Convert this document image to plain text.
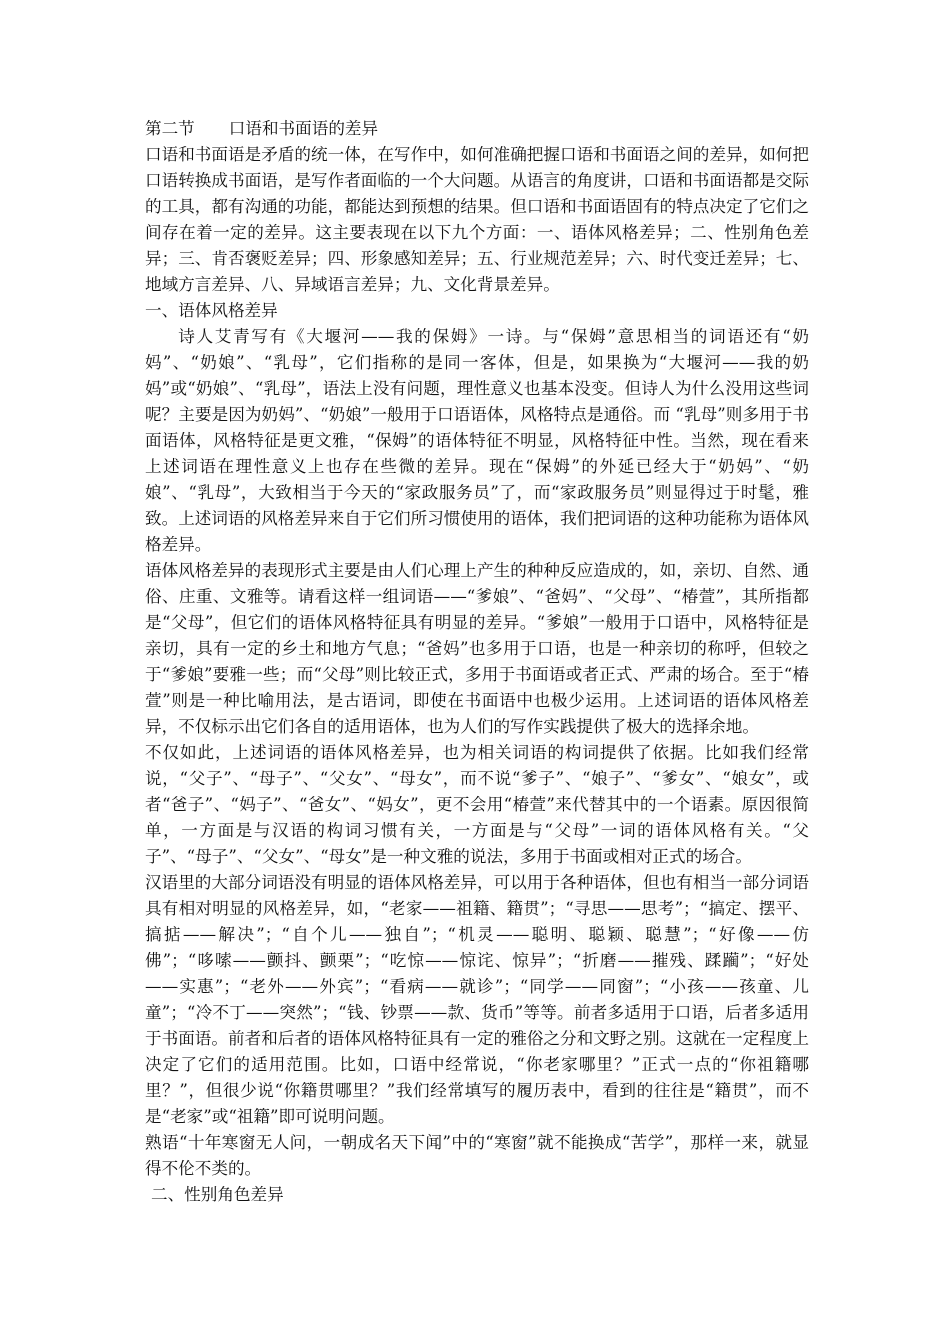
第二节 口语和书面语的差异

口语和书面语是矛盾的统一体，在写作中，如何准确把握口语和书面语之间的差异，如何把口语转换成书面语，是写作者面临的一个大问题。从语言的角度讲，口语和书面语都是交际的工具，都有沟通的功能，都能达到预想的结果。但口语和书面语固有的特点决定了它们之间存在着一定的差异。这主要表现在以下九个方面：一、语体风格差异；二、性别角色差异；三、肯否褒贬差异；四、形象感知差异；五、行业规范差异；六、时代变迁差异；七、地域方言差异、八、异域语言差异；九、文化背景差异。

一、语体风格差异

诗人艾青写有《大堰河——我的保姆》一诗。与“保姆”意思相当的词语还有“奶妈”、“奶娘”、“乳母”，它们指称的是同一客体，但是，如果换为“大堰河——我的奶妈”或“奶娘”、“乳母”，语法上没有问题，理性意义也基本没变。但诗人为什么没用这些词呢？主要是因为奶妈”、“奶娘”一般用于口语语体，风格特点是通俗。而 “乳母”则多用于书面语体，风格特征是更文雅，“保姆”的语体特征不明显，风格特征中性。当然，现在看来上述词语在理性意义上也存在些微的差异。现在“保姆”的外延已经大于“奶妈”、“奶娘”、“乳母”，大致相当于今天的“家政服务员”了，而“家政服务员”则显得过于时髦，雅致。上述词语的风格差异来自于它们所习惯使用的语体，我们把词语的这种功能称为语体风格差异。

语体风格差异的表现形式主要是由人们心理上产生的种种反应造成的，如，亲切、自然、通俗、庄重、文雅等。请看这样一组词语——“爹娘”、“爸妈”、“父母”、“椿萱”，其所指都是“父母”，但它们的语体风格特征具有明显的差异。“爹娘”一般用于口语中，风格特征是亲切，具有一定的乡土和地方气息；“爸妈”也多用于口语，也是一种亲切的称呼，但较之于“爹娘”要雅一些；而“父母”则比较正式，多用于书面语或者正式、严肃的场合。至于“椿萱”则是一种比喻用法，是古语词，即使在书面语中也极少运用。上述词语的语体风格差异，不仅标示出它们各自的适用语体，也为人们的写作实践提供了极大的选择余地。

不仅如此，上述词语的语体风格差异，也为相关词语的构词提供了依据。比如我们经常说，“父子”、“母子”、“父女”、“母女”，而不说“爹子”、“娘子”、“爹女”、“娘女”，或者“爸子”、“妈子”、“爸女”、“妈女”，更不会用“椿萱”来代替其中的一个语素。原因很简单，一方面是与汉语的构词习惯有关，一方面是与“父母”一词的语体风格有关。“父子”、“母子”、“父女”、“母女”是一种文雅的说法，多用于书面或相对正式的场合。

汉语里的大部分词语没有明显的语体风格差异，可以用于各种语体，但也有相当一部分词语具有相对明显的风格差异，如，“老家——祖籍、籍贯”；“寻思——思考”；“搞定、摆平、搞掂——解决”；“自个儿——独自”；“机灵——聪明、聪颖、聪慧”；“好像——仿佛”；“哆嗦——颤抖、颤栗”；“吃惊——惊诧、惊异”；“折磨——摧残、蹂躏”；“好处——实惠”；“老外——外宾”；“看病——就诊”；“同学——同窗”；“小孩——孩童、儿童”；“冷不丁——突然”；“钱、钞票——款、货币”等等。前者多适用于口语，后者多适用于书面语。前者和后者的语体风格特征具有一定的雅俗之分和文野之别。这就在一定程度上决定了它们的适用范围。比如，口语中经常说，“你老家哪里？”正式一点的“你祖籍哪里？”，但很少说“你籍贯哪里？”我们经常填写的履历表中，看到的往往是“籍贯”，而不是“老家”或“祖籍”即可说明问题。

熟语“十年寒窗无人问，一朝成名天下闻”中的“寒窗”就不能换成“苦学”，那样一来，就显得不伦不类的。

二、性别角色差异
